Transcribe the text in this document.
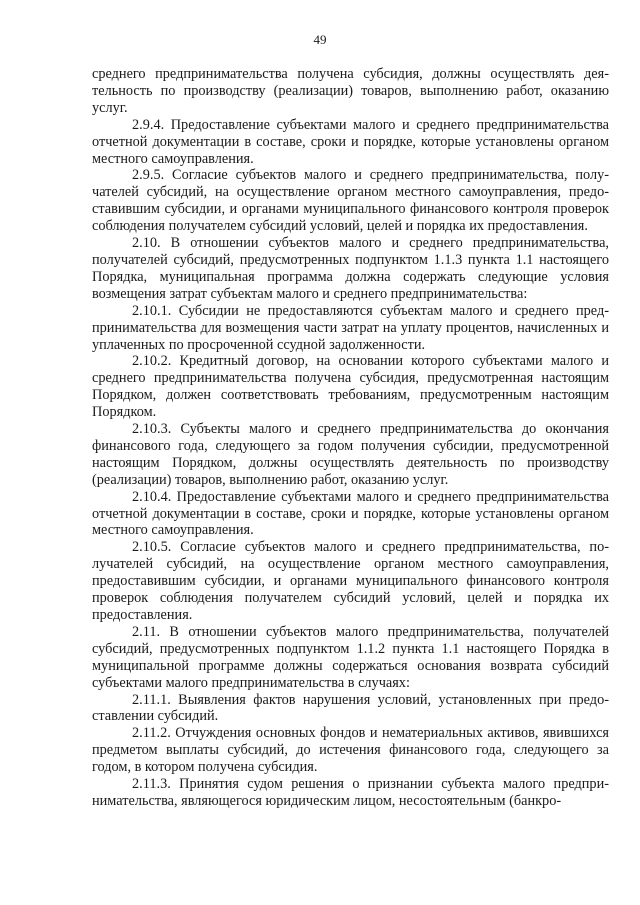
49

среднего предпринимательства получена субсидия, должны осуществлять деятельность по производству (реализации) товаров, выполнению работ, оказанию услуг.

2.9.4. Предоставление субъектами малого и среднего предпринимательства отчетной документации в составе, сроки и порядке, которые установлены органом местного самоуправления.

2.9.5. Согласие субъектов малого и среднего предпринимательства, получателей субсидий, на осуществление органом местного самоуправления, предоставившим субсидии, и органами муниципального финансового контроля проверок соблюдения получателем субсидий условий, целей и порядка их предоставления.

2.10. В отношении субъектов малого и среднего предпринимательства, получателей субсидий, предусмотренных подпунктом 1.1.3 пункта 1.1 настоящего Порядка, муниципальная программа должна содержать следующие условия возмещения затрат субъектам малого и среднего предпринимательства:

2.10.1. Субсидии не предоставляются субъектам малого и среднего предпринимательства для возмещения части затрат на уплату процентов, начисленных и уплаченных по просроченной ссудной задолженности.

2.10.2. Кредитный договор, на основании которого субъектами малого и среднего предпринимательства получена субсидия, предусмотренная настоящим Порядком, должен соответствовать требованиям, предусмотренным настоящим Порядком.

2.10.3. Субъекты малого и среднего предпринимательства до окончания финансового года, следующего за годом получения субсидии, предусмотренной настоящим Порядком, должны осуществлять деятельность по производству (реализации) товаров, выполнению работ, оказанию услуг.

2.10.4. Предоставление субъектами малого и среднего предпринимательства отчетной документации в составе, сроки и порядке, которые установлены органом местного самоуправления.

2.10.5. Согласие субъектов малого и среднего предпринимательства, получателей субсидий, на осуществление органом местного самоуправления, предоставившим субсидии, и органами муниципального финансового контроля проверок соблюдения получателем субсидий условий, целей и порядка их предоставления.

2.11. В отношении субъектов малого предпринимательства, получателей субсидий, предусмотренных подпунктом 1.1.2 пункта 1.1 настоящего Порядка в муниципальной программе должны содержаться основания возврата субсидий субъектами малого предпринимательства в случаях:

2.11.1. Выявления фактов нарушения условий, установленных при предоставлении субсидий.

2.11.2. Отчуждения основных фондов и нематериальных активов, явившихся предметом выплаты субсидий, до истечения финансового года, следующего за годом, в котором получена субсидия.

2.11.3. Принятия судом решения о признании субъекта малого предпринимательства, являющегося юридическим лицом, несостоятельным (банкро-
